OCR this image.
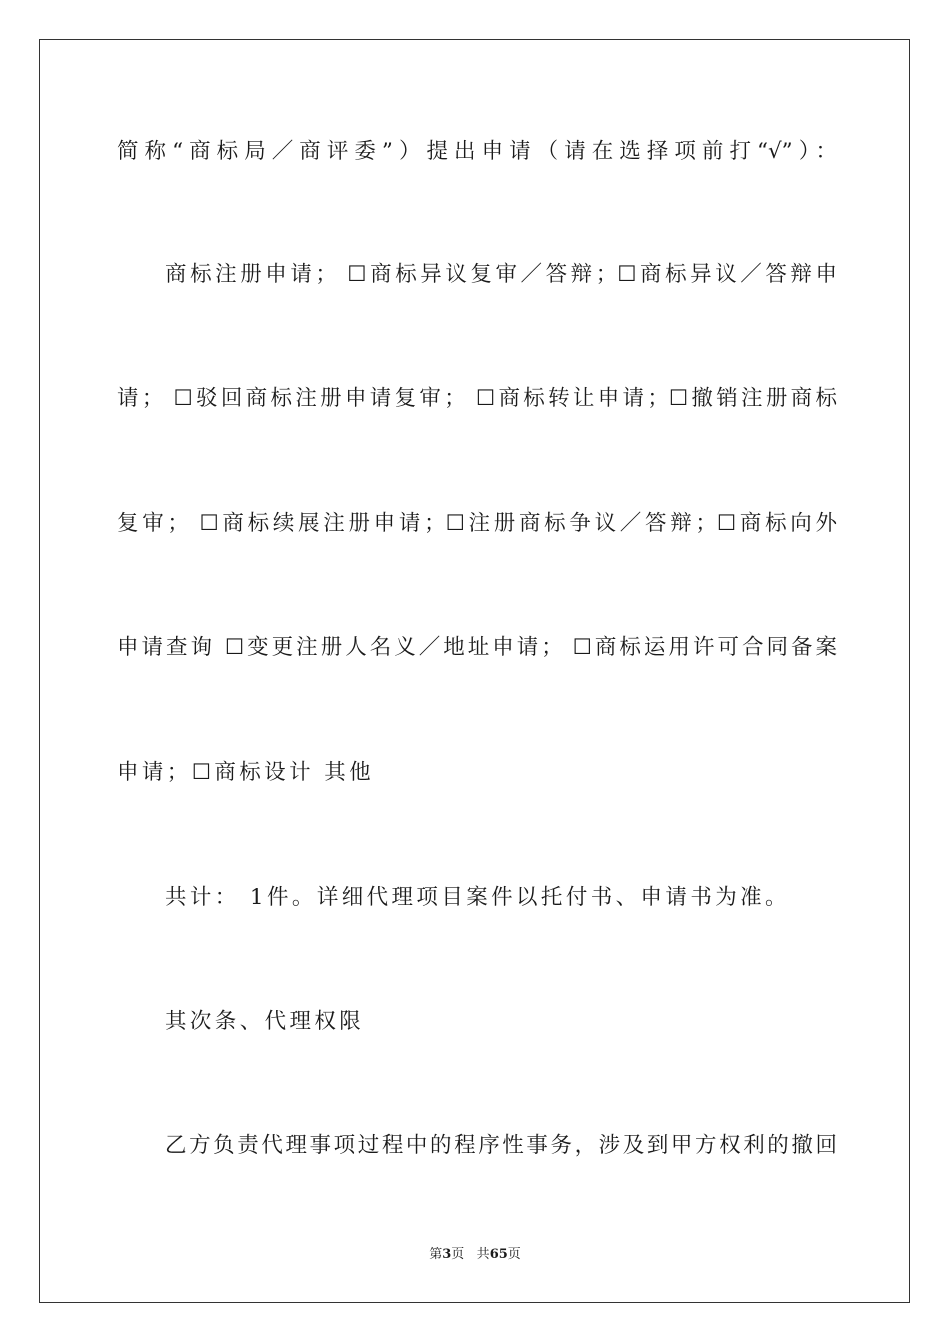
简称“商标局／商评委”）提出申请（请在选择项前打“√”）：
商标注册申请； ☐商标异议复审／答辩；☐商标异议／答辩申
请； ☐驳回商标注册申请复审； ☐商标转让申请；☐撤销注册商标
复审； ☐商标续展注册申请；☐注册商标争议／答辩；☐商标向外
申请查询 ☐变更注册人名义／地址申请； ☐商标运用许可合同备案
申请；☐商标设计 其他
共计： 1件。详细代理项目案件以托付书、申请书为准。
其次条、代理权限
乙方负责代理事项过程中的程序性事务，涉及到甲方权利的撤回
第3页 共65页
